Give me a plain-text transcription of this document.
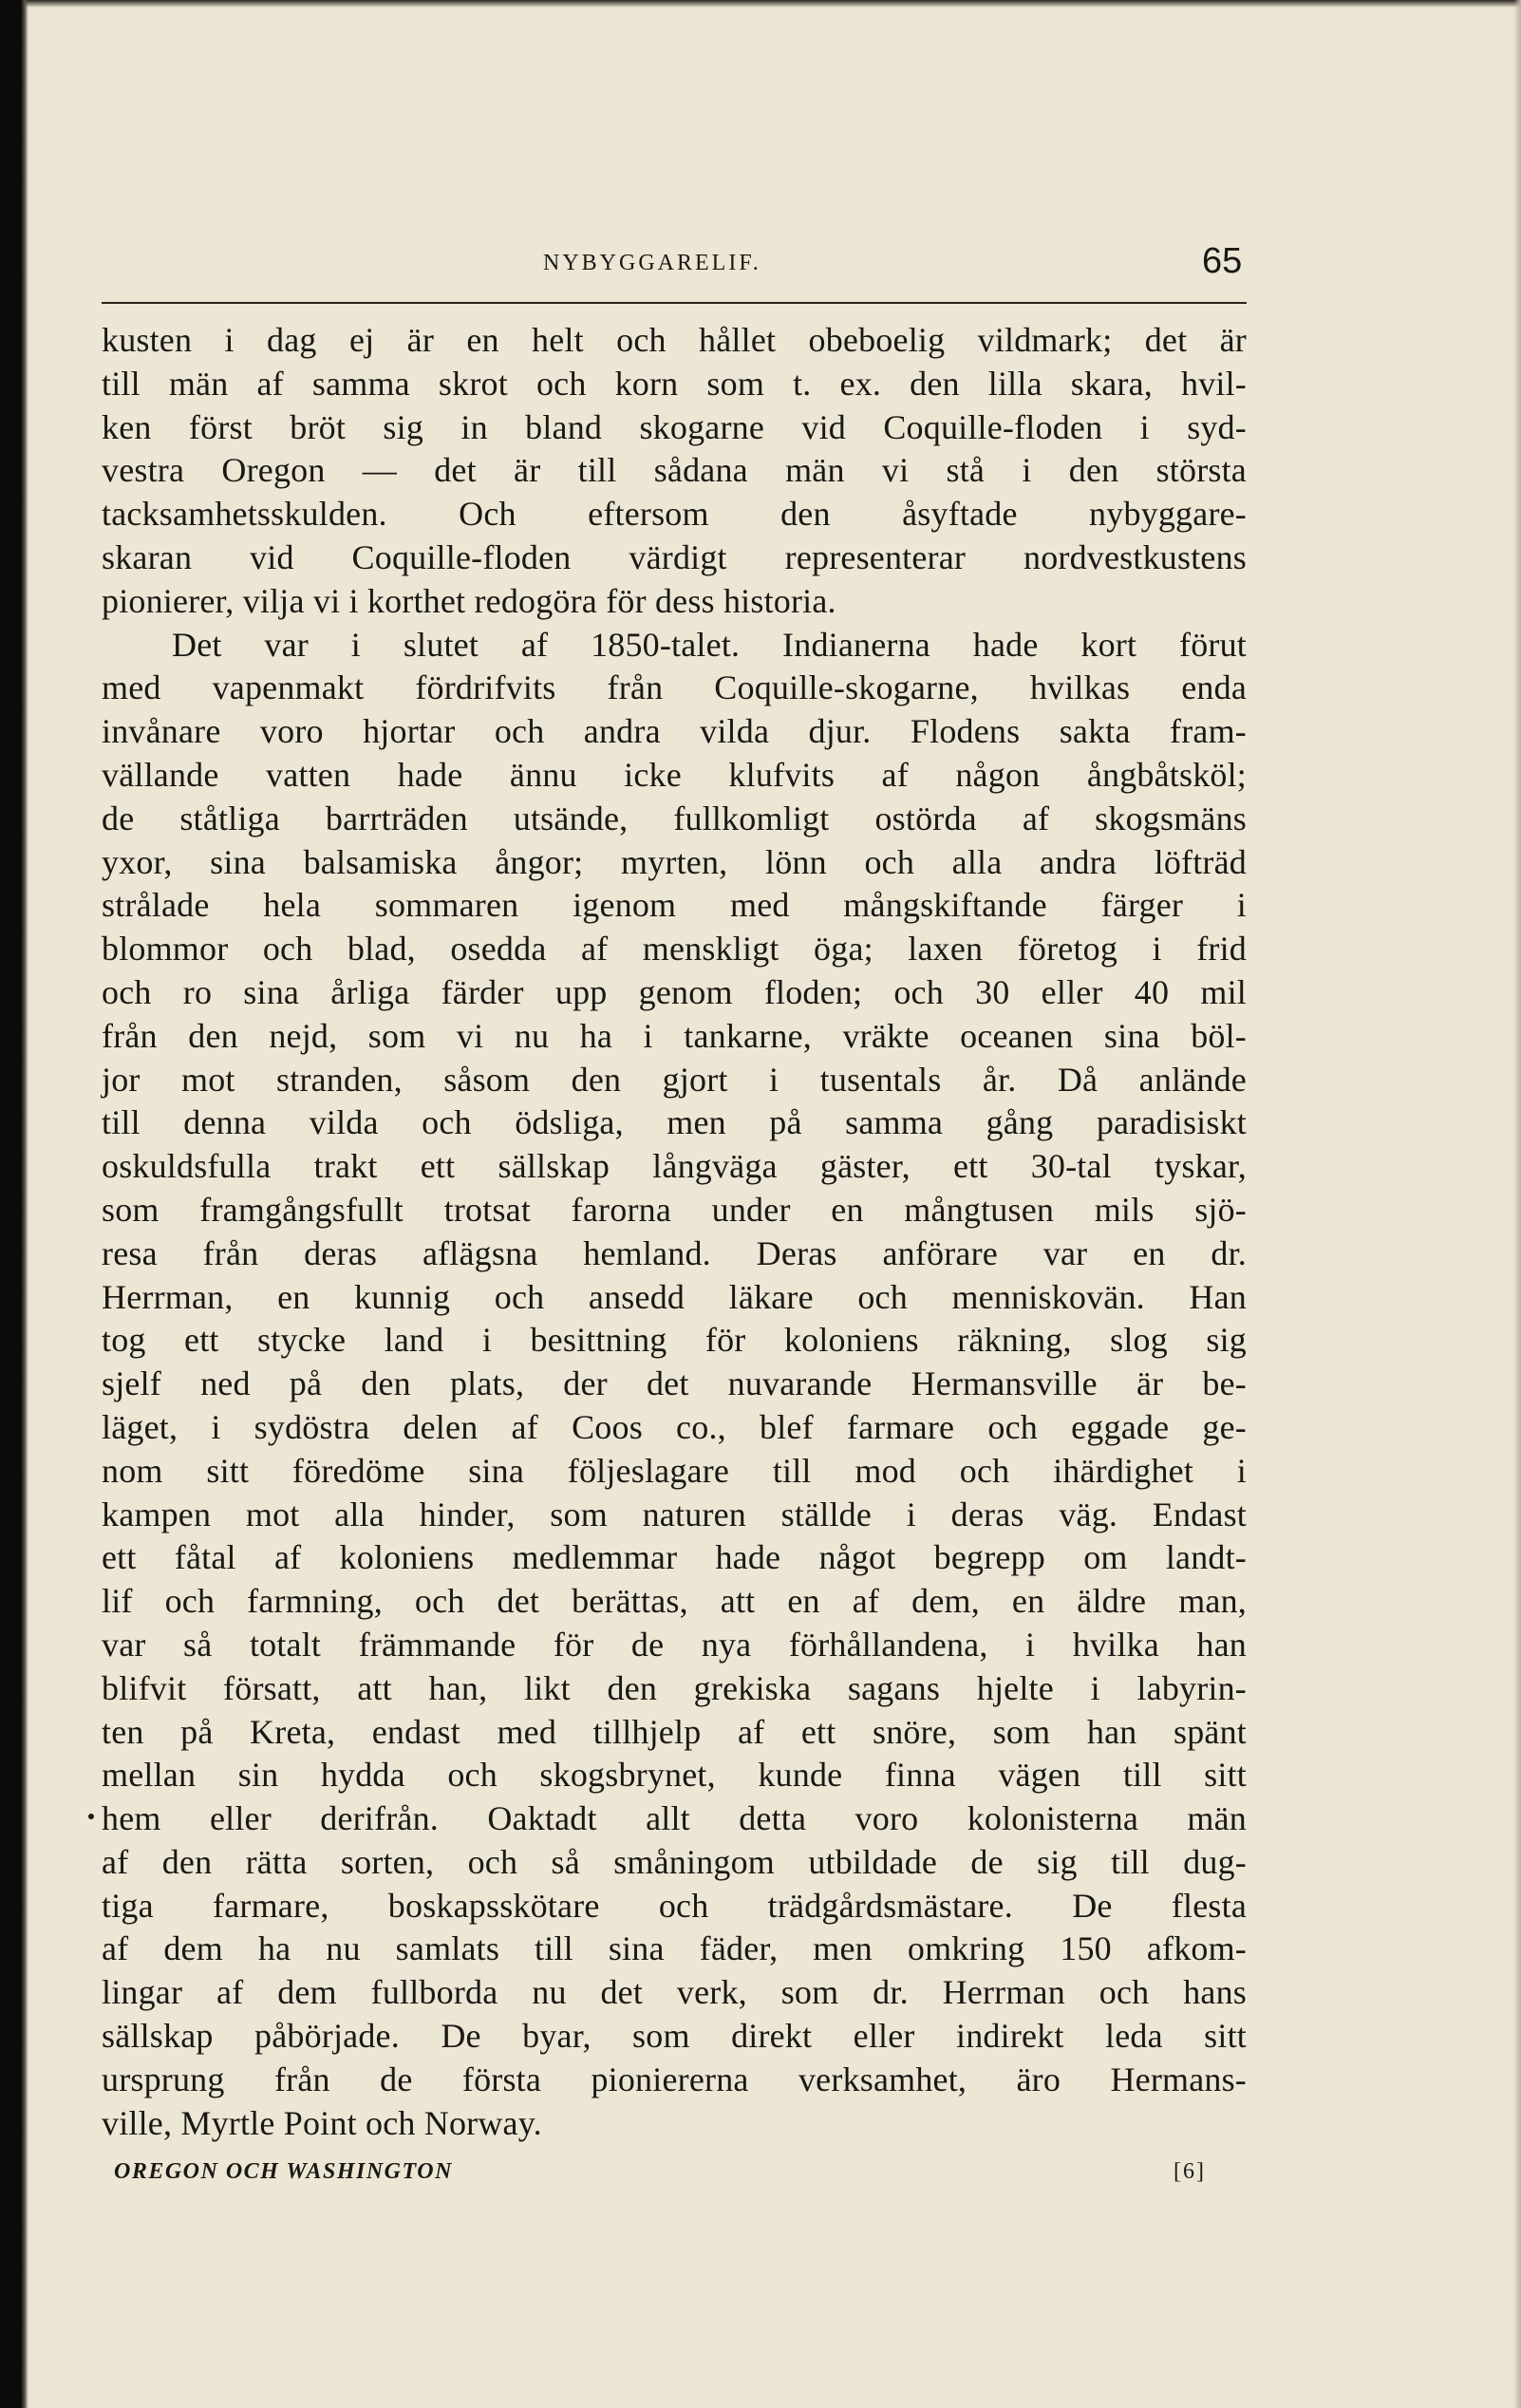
NYBYGGARELIF.	65
kusten i dag ej är en helt och hållet obeboelig vildmark; det är
till män af samma skrot och korn som t. ex. den lilla skara, hvil-
ken först bröt sig in bland skogarne vid Coquille-floden i syd-
vestra Oregon — det är till sådana män vi stå i den största
tacksamhetsskulden. Och eftersom den åsyftade nybyggare-
skaran vid Coquille-floden värdigt representerar nordvestkustens
pionierer, vilja vi i korthet redogöra för dess historia.
Det var i slutet af 1850-talet. Indianerna hade kort förut
med vapenmakt fördrifvits från Coquille-skogarne, hvilkas enda
invånare voro hjortar och andra vilda djur. Flodens sakta fram-
vällande vatten hade ännu icke klufvits af någon ångbåtsköl;
de ståtliga barrträden utsände, fullkomligt ostörda af skogsmäns
yxor, sina balsamiska ångor; myrten, lönn och alla andra löfträd
strålade hela sommaren igenom med mångskiftande färger i
blommor och blad, osedda af menskligt öga; laxen företog i frid
och ro sina årliga färder upp genom floden; och 30 eller 40 mil
från den nejd, som vi nu ha i tankarne, vräkte oceanen sina böl-
jor mot stranden, såsom den gjort i tusentals år. Då anlände
till denna vilda och ödsliga, men på samma gång paradisiskt
oskuldsfulla trakt ett sällskap långväga gäster, ett 30-tal tyskar,
som framgångsfullt trotsat farorna under en mångtusen mils sjö-
resa från deras aflägsna hemland. Deras anförare var en dr.
Herrman, en kunnig och ansedd läkare och menniskovän. Han
tog ett stycke land i besittning för koloniens räkning, slog sig
sjelf ned på den plats, der det nuvarande Hermansville är be-
läget, i sydöstra delen af Coos co., blef farmare och eggade ge-
nom sitt föredöme sina följeslagare till mod och ihärdighet i
kampen mot alla hinder, som naturen ställde i deras väg. Endast
ett fåtal af koloniens medlemmar hade något begrepp om landt-
lif och farmning, och det berättas, att en af dem, en äldre man,
var så totalt främmande för de nya förhållandena, i hvilka han
blifvit försatt, att han, likt den grekiska sagans hjelte i labyrin-
ten på Kreta, endast med tillhjelp af ett snöre, som han spänt
mellan sin hydda och skogsbrynet, kunde finna vägen till sitt
hem eller derifrån. Oaktadt allt detta voro kolonisterna män
af den rätta sorten, och så småningom utbildade de sig till dug-
tiga farmare, boskapsskötare och trädgårdsmästare. De flesta
af dem ha nu samlats till sina fäder, men omkring 150 afkom-
lingar af dem fullborda nu det verk, som dr. Herrman och hans
sällskap påbörjade. De byar, som direkt eller indirekt leda sitt
ursprung från de första pioniererna verksamhet, äro Hermans-
ville, Myrtle Point och Norway.
OREGON OCH WASHINGTON	[6]
